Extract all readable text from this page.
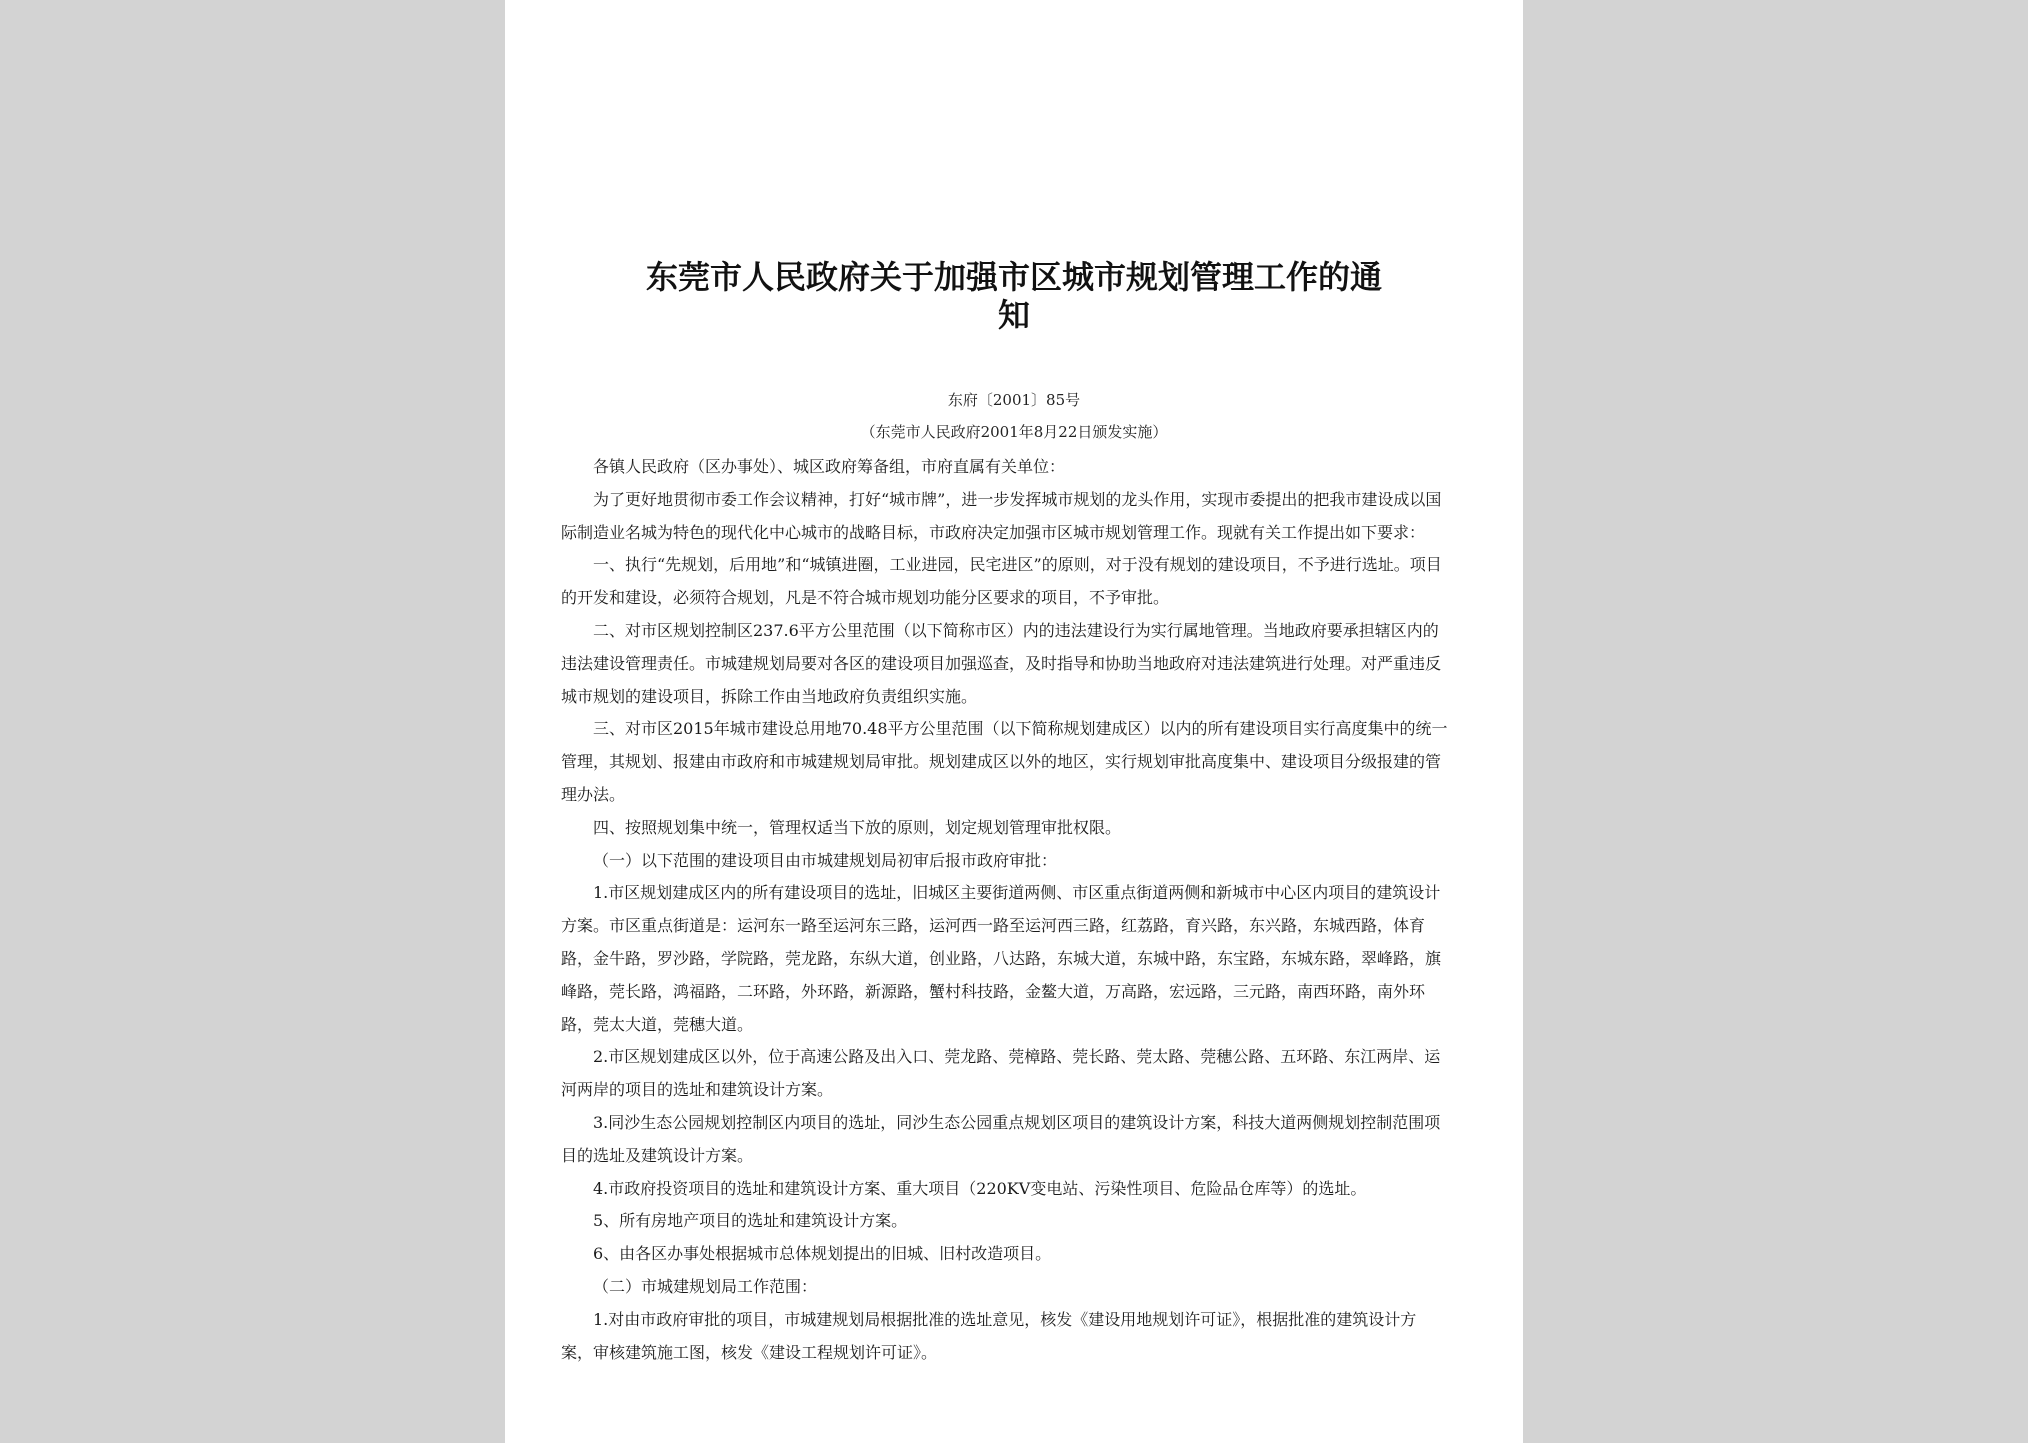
东莞市人民政府关于加强市区城市规划管理工作的通
知
东府〔2001〕85号
（东莞市人民政府2001年8月22日颁发实施）

各镇人民政府（区办事处）、城区政府筹备组，市府直属有关单位：

为了更好地贯彻市委工作会议精神，打好“城市牌”，进一步发挥城市规划的龙头作用，实现市委提出的把我市建设成以国
际制造业名城为特色的现代化中心城市的战略目标，市政府决定加强市区城市规划管理工作。现就有关工作提出如下要求：

一、执行“先规划，后用地”和“城镇进圈，工业进园，民宅进区”的原则，对于没有规划的建设项目，不予进行选址。项目
的开发和建设，必须符合规划，凡是不符合城市规划功能分区要求的项目，不予审批。

二、对市区规划控制区237.6平方公里范围（以下简称市区）内的违法建设行为实行属地管理。当地政府要承担辖区内的
违法建设管理责任。市城建规划局要对各区的建设项目加强巡查，及时指导和协助当地政府对违法建筑进行处理。对严重违反
城市规划的建设项目，拆除工作由当地政府负责组织实施。

三、对市区2015年城市建设总用地70.48平方公里范围（以下简称规划建成区）以内的所有建设项目实行高度集中的统一
管理，其规划、报建由市政府和市城建规划局审批。规划建成区以外的地区，实行规划审批高度集中、建设项目分级报建的管
理办法。

四、按照规划集中统一，管理权适当下放的原则，划定规划管理审批权限。

（一）以下范围的建设项目由市城建规划局初审后报市政府审批：

1.市区规划建成区内的所有建设项目的选址，旧城区主要街道两侧、市区重点街道两侧和新城市中心区内项目的建筑设计
方案。市区重点街道是：运河东一路至运河东三路，运河西一路至运河西三路，红荔路，育兴路，东兴路，东城西路，体育
路，金牛路，罗沙路，学院路，莞龙路，东纵大道，创业路，八达路，东城大道，东城中路，东宝路，东城东路，翠峰路，旗
峰路，莞长路，鸿福路，二环路，外环路，新源路，蟹村科技路，金鳌大道，万高路，宏远路，三元路，南西环路，南外环
路，莞太大道，莞穗大道。

2.市区规划建成区以外，位于高速公路及出入口、莞龙路、莞樟路、莞长路、莞太路、莞穗公路、五环路、东江两岸、运
河两岸的项目的选址和建筑设计方案。

3.同沙生态公园规划控制区内项目的选址，同沙生态公园重点规划区项目的建筑设计方案，科技大道两侧规划控制范围项
目的选址及建筑设计方案。

4.市政府投资项目的选址和建筑设计方案、重大项目（220KV变电站、污染性项目、危险品仓库等）的选址。

5、所有房地产项目的选址和建筑设计方案。

6、由各区办事处根据城市总体规划提出的旧城、旧村改造项目。

（二）市城建规划局工作范围：

1.对由市政府审批的项目，市城建规划局根据批准的选址意见，核发《建设用地规划许可证》，根据批准的建筑设计方
案，审核建筑施工图，核发《建设工程规划许可证》。
